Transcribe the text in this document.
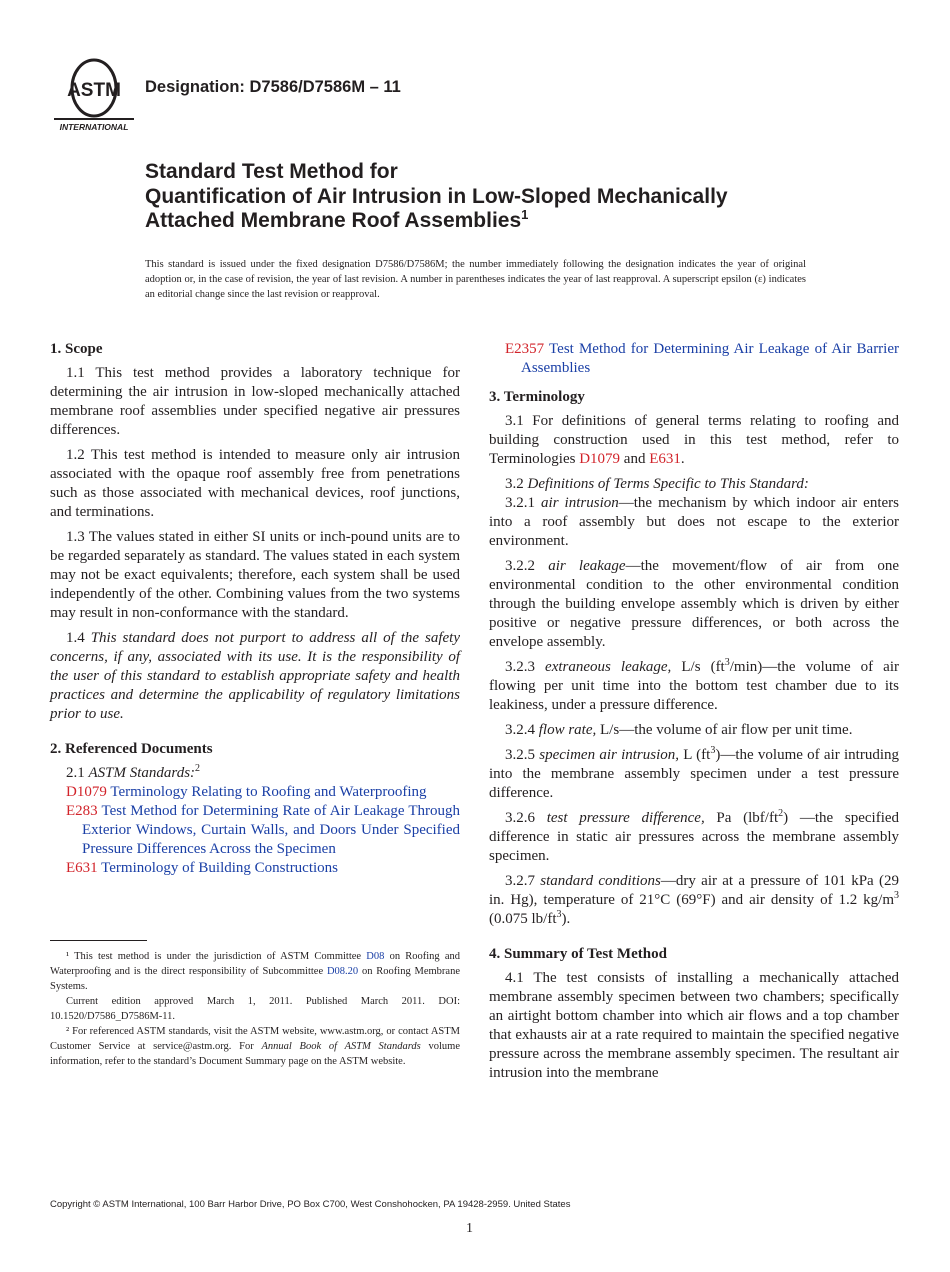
ASTM
INTERNATIONAL
Designation: D7586/D7586M – 11
Standard Test Method for
Quantification of Air Intrusion in Low-Sloped Mechanically
Attached Membrane Roof Assemblies$^1$
This standard is issued under the fixed designation D7586/D7586M; the number immediately following the designation indicates the year of original adoption or, in the case of revision, the year of last revision. A number in parentheses indicates the year of last reapproval. A superscript epsilon (ε) indicates an editorial change since the last revision or reapproval.
1. Scope

1.1 This test method provides a laboratory technique for determining the air intrusion in low-sloped mechanically attached membrane roof assemblies under specified negative air pressures differences.

1.2 This test method is intended to measure only air intrusion associated with the opaque roof assembly free from penetrations such as those associated with mechanical devices, roof junctions, and terminations.

1.3 The values stated in either SI units or inch-pound units are to be regarded separately as standard. The values stated in each system may not be exact equivalents; therefore, each system shall be used independently of the other. Combining values from the two systems may result in non-conformance with the standard.

1.4 This standard does not purport to address all of the safety concerns, if any, associated with its use. It is the responsibility of the user of this standard to establish appropriate safety and health practices and determine the applicability of regulatory limitations prior to use.

2. Referenced Documents

2.1 ASTM Standards:$^2$

D1079 Terminology Relating to Roofing and Waterproofing
E283 Test Method for Determining Rate of Air Leakage Through Exterior Windows, Curtain Walls, and Doors Under Specified Pressure Differences Across the Specimen
E631 Terminology of Building Constructions

¹ This test method is under the jurisdiction of ASTM Committee D08 on Roofing and Waterproofing and is the direct responsibility of Subcommittee D08.20 on Roofing Membrane Systems.

Current edition approved March 1, 2011. Published March 2011. DOI: 10.1520/D7586_D7586M-11.

² For referenced ASTM standards, visit the ASTM website, www.astm.org, or contact ASTM Customer Service at service@astm.org. For Annual Book of ASTM Standards volume information, refer to the standard’s Document Summary page on the ASTM website.

E2357 Test Method for Determining Air Leakage of Air Barrier Assemblies
3. Terminology

3.1 For definitions of general terms relating to roofing and building construction used in this test method, refer to Terminologies D1079 and E631.

3.2 Definitions of Terms Specific to This Standard:

3.2.1 air intrusion—the mechanism by which indoor air enters into a roof assembly but does not escape to the exterior environment.

3.2.2 air leakage—the movement/flow of air from one environmental condition to the other environmental condition through the building envelope assembly which is driven by either positive or negative pressure differences, or both across the envelope assembly.

3.2.3 extraneous leakage, L/s $(ft^3/\min)—the$ volume of air flowing per unit time into the bottom test chamber due to its leakiness, under a pressure difference.

3.2.4 flow rate, L/s—the volume of air flow per unit time.

3.2.5 specimen air intrusion, L $(ft^3)—the$ volume of air intruding into the membrane assembly specimen under a test pressure difference.

3.2.6 test pressure difference, Pa $(lbf/ft^2)$ —the specified difference in static air pressures across the membrane assembly specimen.

3.2.7 standard conditions—dry air at a pressure of 101 kPa (29 in. Hg), temperature of 21°C (69°F) and air density of 1.2 $kg/m^3$ (0.075 $lb/ft^3$).

4. Summary of Test Method

4.1 The test consists of installing a mechanically attached membrane assembly specimen between two chambers; specifically an airtight bottom chamber into which air flows and a top chamber that exhausts air at a rate required to maintain the specified negative pressure across the membrane assembly specimen. The resultant air intrusion into the membrane

Copyright © ASTM International, 100 Barr Harbor Drive, PO Box C700, West Conshohocken, PA 19428-2959. United States
1
